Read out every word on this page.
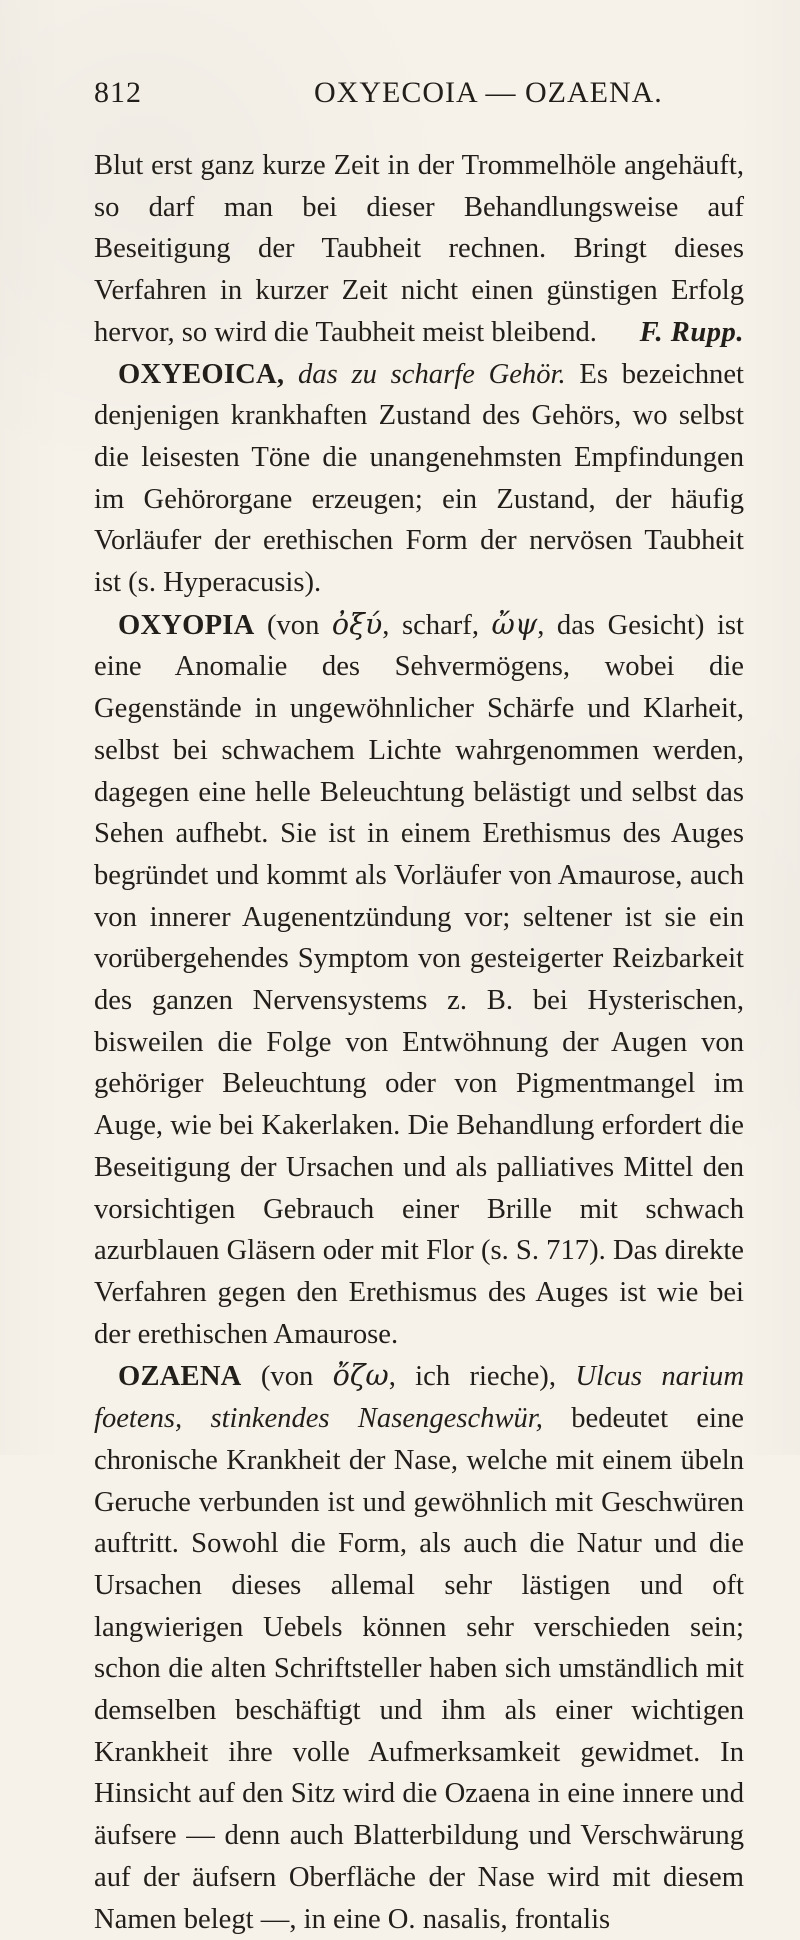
812	OXYECOIA — OZAENA.

Blut erst ganz kurze Zeit in der Trommelhöle angehäuft, so darf man bei dieser Behandlungsweise auf Beseitigung der Taubheit rechnen. Bringt dieses Verfahren in kurzer Zeit nicht einen günstigen Erfolg hervor, so wird die Taubheit meist bleibend. F. Rupp.

OXYEOICA, das zu scharfe Gehör. Es bezeichnet denjenigen krankhaften Zustand des Gehörs, wo selbst die leisesten Töne die unangenehmsten Empfindungen im Gehörorgane erzeugen; ein Zustand, der häufig Vorläufer der erethischen Form der nervösen Taubheit ist (s. Hyperacusis).

OXYOPIA (von ὀξύ, scharf, ὤψ, das Gesicht) ist eine Anomalie des Sehvermögens, wobei die Gegenstände in ungewöhnlicher Schärfe und Klarheit, selbst bei schwachem Lichte wahrgenommen werden, dagegen eine helle Beleuchtung belästigt und selbst das Sehen aufhebt. Sie ist in einem Erethismus des Auges begründet und kommt als Vorläufer von Amaurose, auch von innerer Augenentzündung vor; seltener ist sie ein vorübergehendes Symptom von gesteigerter Reizbarkeit des ganzen Nervensystems z. B. bei Hysterischen, bisweilen die Folge von Entwöhnung der Augen von gehöriger Beleuchtung oder von Pigmentmangel im Auge, wie bei Kakerlaken. Die Behandlung erfordert die Beseitigung der Ursachen und als palliatives Mittel den vorsichtigen Gebrauch einer Brille mit schwach azurblauen Gläsern oder mit Flor (s. S. 717). Das direkte Verfahren gegen den Erethismus des Auges ist wie bei der erethischen Amaurose.

OZAENA (von ὄζω, ich rieche), Ulcus narium foetens, stinkendes Nasengeschwür, bedeutet eine chronische Krankheit der Nase, welche mit einem übeln Geruche verbunden ist und gewöhnlich mit Geschwüren auftritt. Sowohl die Form, als auch die Natur und die Ursachen dieses allemal sehr lästigen und oft langwierigen Uebels können sehr verschieden sein; schon die alten Schriftsteller haben sich umständlich mit demselben beschäftigt und ihm als einer wichtigen Krankheit ihre volle Aufmerksamkeit gewidmet. In Hinsicht auf den Sitz wird die Ozaena in eine innere und äufsere — denn auch Blatterbildung und Verschwärung auf der äufsern Oberfläche der Nase wird mit diesem Namen belegt —, in eine O. nasalis, frontalis
